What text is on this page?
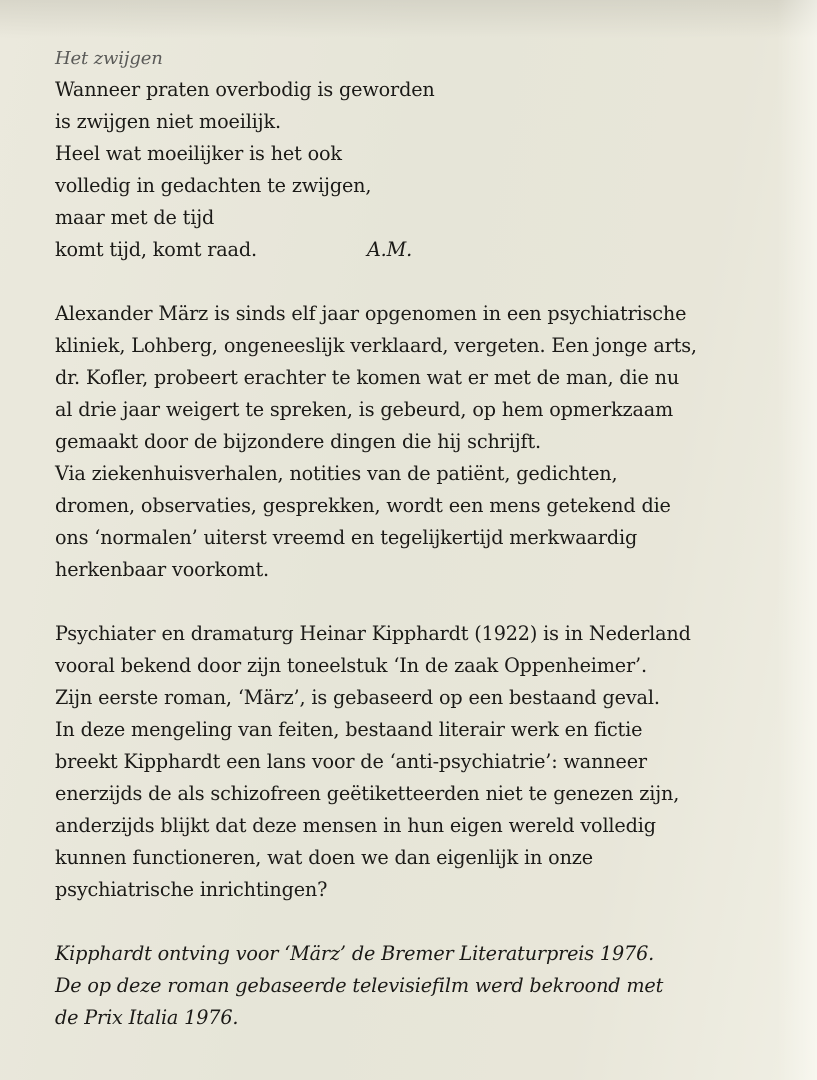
Het zwijgen
Wanneer praten overbodig is geworden
is zwijgen niet moeilijk.
Heel wat moeilijker is het ook
volledig in gedachten te zwijgen,
maar met de tijd
komt tijd, komt raad.	A.M.
Alexander März is sinds elf jaar opgenomen in een psychiatrische
kliniek, Lohberg, ongeneeslijk verklaard, vergeten. Een jonge arts,
dr. Kofler, probeert erachter te komen wat er met de man, die nu
al drie jaar weigert te spreken, is gebeurd, op hem opmerkzaam
gemaakt door de bijzondere dingen die hij schrijft.
Via ziekenhuisverhalen, notities van de patiënt, gedichten,
dromen, observaties, gesprekken, wordt een mens getekend die
ons ‘normalen’ uiterst vreemd en tegelijkertijd merkwaardig
herkenbaar voorkomt.
Psychiater en dramaturg Heinar Kipphardt (1922) is in Nederland
vooral bekend door zijn toneelstuk ‘In de zaak Oppenheimer’.
Zijn eerste roman, ‘März’, is gebaseerd op een bestaand geval.
In deze mengeling van feiten, bestaand literair werk en fictie
breekt Kipphardt een lans voor de ‘anti-psychiatrie’: wanneer
enerzijds de als schizofreen geëtiketteerden niet te genezen zijn,
anderzijds blijkt dat deze mensen in hun eigen wereld volledig
kunnen functioneren, wat doen we dan eigenlijk in onze
psychiatrische inrichtingen?
Kipphardt ontving voor ‘März’ de Bremer Literaturpreis 1976.
De op deze roman gebaseerde televisiefilm werd bekroond met
de Prix Italia 1976.
